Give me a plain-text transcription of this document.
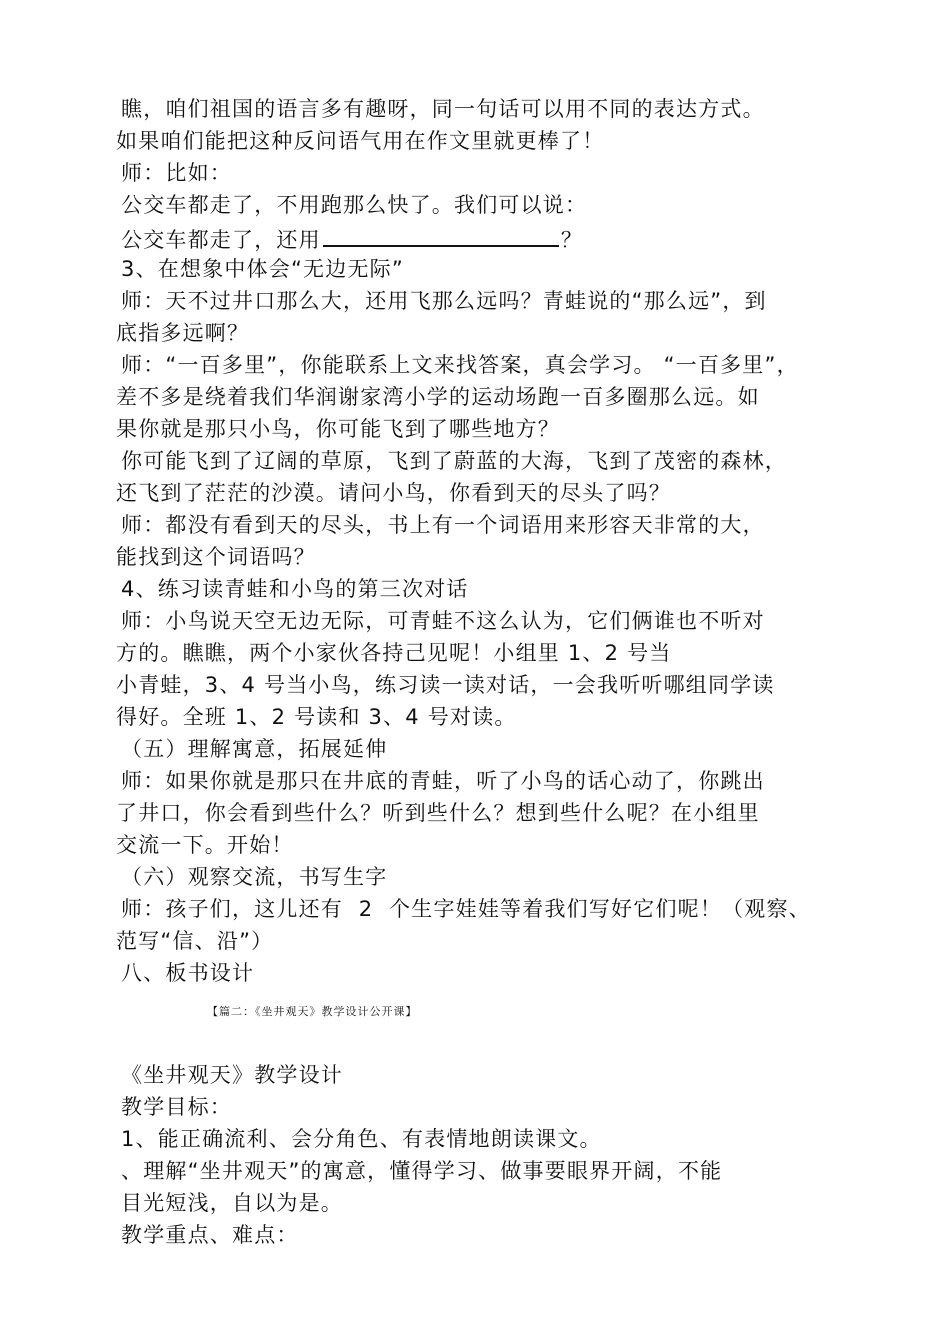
瞧，咱们祖国的语言多有趣呀，同一句话可以用不同的表达方式。
如果咱们能把这种反问语气用在作文里就更棒了！
师：比如：
公交车都走了，不用跑那么快了。我们可以说：
公交车都走了，还用	？
3、在想象中体会“无边无际”
师：天不过井口那么大，还用飞那么远吗？青蛙说的“那么远”，到
底指多远啊？
师：“一百多里”，你能联系上文来找答案，真会学习。 “一百多里”，
差不多是绕着我们华润谢家湾小学的运动场跑一百多圈那么远。如
果你就是那只小鸟，你可能飞到了哪些地方？
你可能飞到了辽阔的草原，飞到了蔚蓝的大海，飞到了茂密的森林，
还飞到了茫茫的沙漠。请问小鸟，你看到天的尽头了吗？
师：都没有看到天的尽头，书上有一个词语用来形容天非常的大，
能找到这个词语吗？
4、练习读青蛙和小鸟的第三次对话
师：小鸟说天空无边无际，可青蛙不这么认为，它们俩谁也不听对
方的。瞧瞧，两个小家伙各持己见呢！小组里 1、2 号当
小青蛙，3、4 号当小鸟，练习读一读对话，一会我听听哪组同学读
得好。全班 1、2 号读和 3、4 号对读。
（五）理解寓意，拓展延伸
师：如果你就是那只在井底的青蛙，听了小鸟的话心动了，你跳出
了井口，你会看到些什么？听到些什么？想到些什么呢？在小组里
交流一下。开始！
（六）观察交流，书写生字
师：孩子们，这儿还有  2  个生字娃娃等着我们写好它们呢！（观察、
范写“信、沿”）
八、板书设计
【篇二：《坐井观天》教学设计公开课】
《坐井观天》教学设计
教学目标：
1、能正确流利、会分角色、有表情地朗读课文。
、理解“坐井观天”的寓意，懂得学习、做事要眼界开阔，不能
目光短浅，自以为是。
教学重点、难点：
